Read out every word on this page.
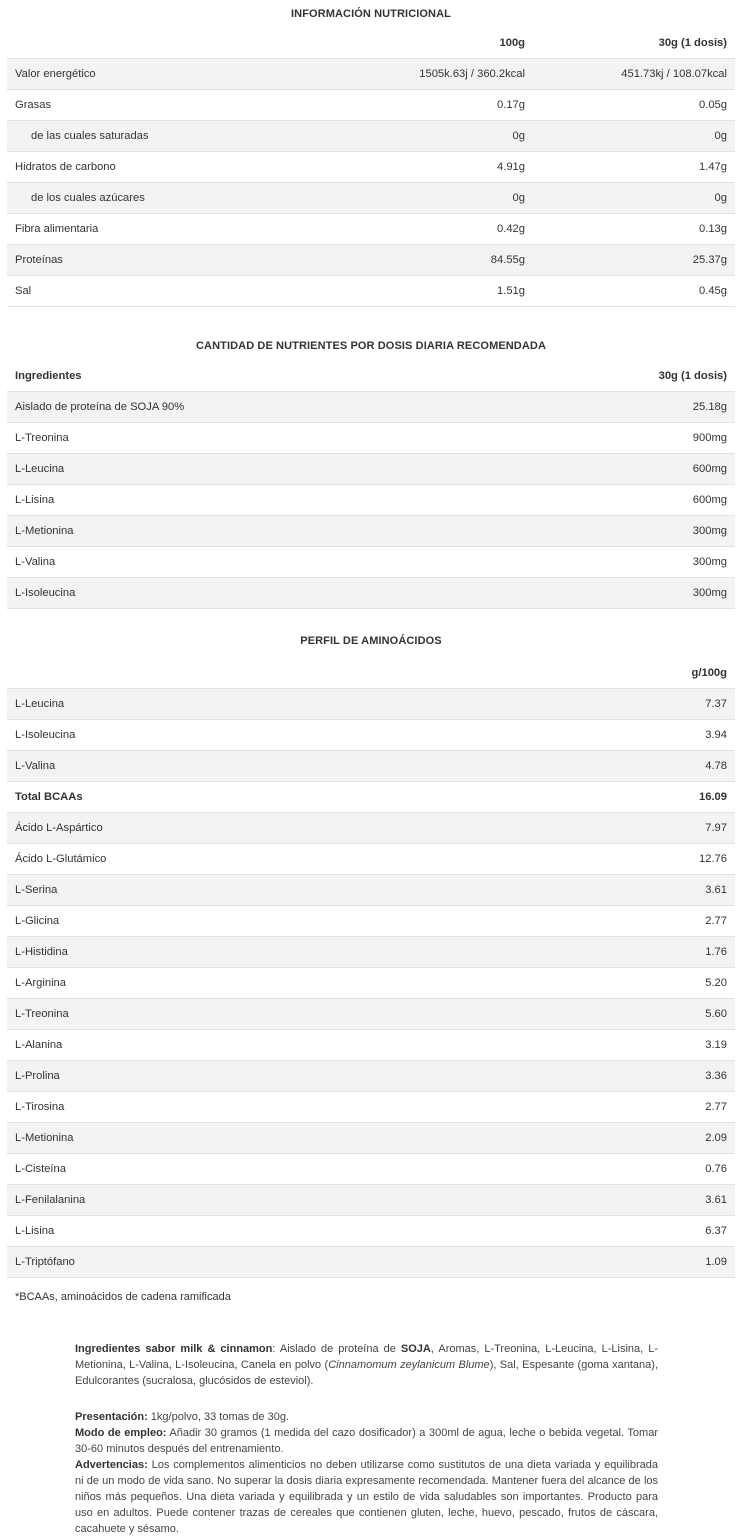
INFORMACIÓN NUTRICIONAL
	100g	30g (1 dosis)
Valor energético	1505k.63j / 360.2kcal	451.73kj / 108.07kcal
Grasas	0.17g	0.05g
de las cuales saturadas	0g	0g
Hidratos de carbono	4.91g	1.47g
de los cuales azúcares	0g	0g
Fibra alimentaria	0.42g	0.13g
Proteínas	84.55g	25.37g
Sal	1.51g	0.45g
CANTIDAD DE NUTRIENTES POR DOSIS DIARIA RECOMENDADA
Ingredientes	30g (1 dosis)
Aislado de proteína de SOJA 90%	25.18g
L-Treonina	900mg
L-Leucina	600mg
L-Lisina	600mg
L-Metionina	300mg
L-Valina	300mg
L-Isoleucina	300mg
PERFIL DE AMINOÁCIDOS
	g/100g
L-Leucina	7.37
L-Isoleucina	3.94
L-Valina	4.78
Total BCAAs	16.09
Ácido L-Aspártico	7.97
Ácido L-Glutámico	12.76
L-Serina	3.61
L-Glicina	2.77
L-Histidina	1.76
L-Arginina	5.20
L-Treonina	5.60
L-Alanina	3.19
L-Prolina	3.36
L-Tirosina	2.77
L-Metionina	2.09
L-Cisteína	0.76
L-Fenilalanina	3.61
L-Lisina	6.37
L-Triptófano	1.09
*BCAAs, aminoácidos de cadena ramificada
Ingredientes sabor milk & cinnamon: Aislado de proteína de SOJA, Aromas, L-Treonina, L-Leucina, L-Lisina, L-Metionina, L-Valina, L-Isoleucina, Canela en polvo (Cinnamomum zeylanicum Blume), Sal, Espesante (goma xantana), Edulcorantes (sucralosa, glucósidos de esteviol).
Presentación: 1kg/polvo, 33 tomas de 30g.
Modo de empleo: Añadir 30 gramos (1 medida del cazo dosificador) a 300ml de agua, leche o bebida vegetal. Tomar 30-60 minutos después del entrenamiento.
Advertencias: Los complementos alimenticios no deben utilizarse como sustitutos de una dieta variada y equilibrada ni de un modo de vida sano. No superar la dosis diaria expresamente recomendada. Mantener fuera del alcance de los niños más pequeños. Una dieta variada y equilibrada y un estilo de vida saludables son importantes. Producto para uso en adultos. Puede contener trazas de cereales que contienen gluten, leche, huevo, pescado, frutos de cáscara, cacahuete y sésamo.
